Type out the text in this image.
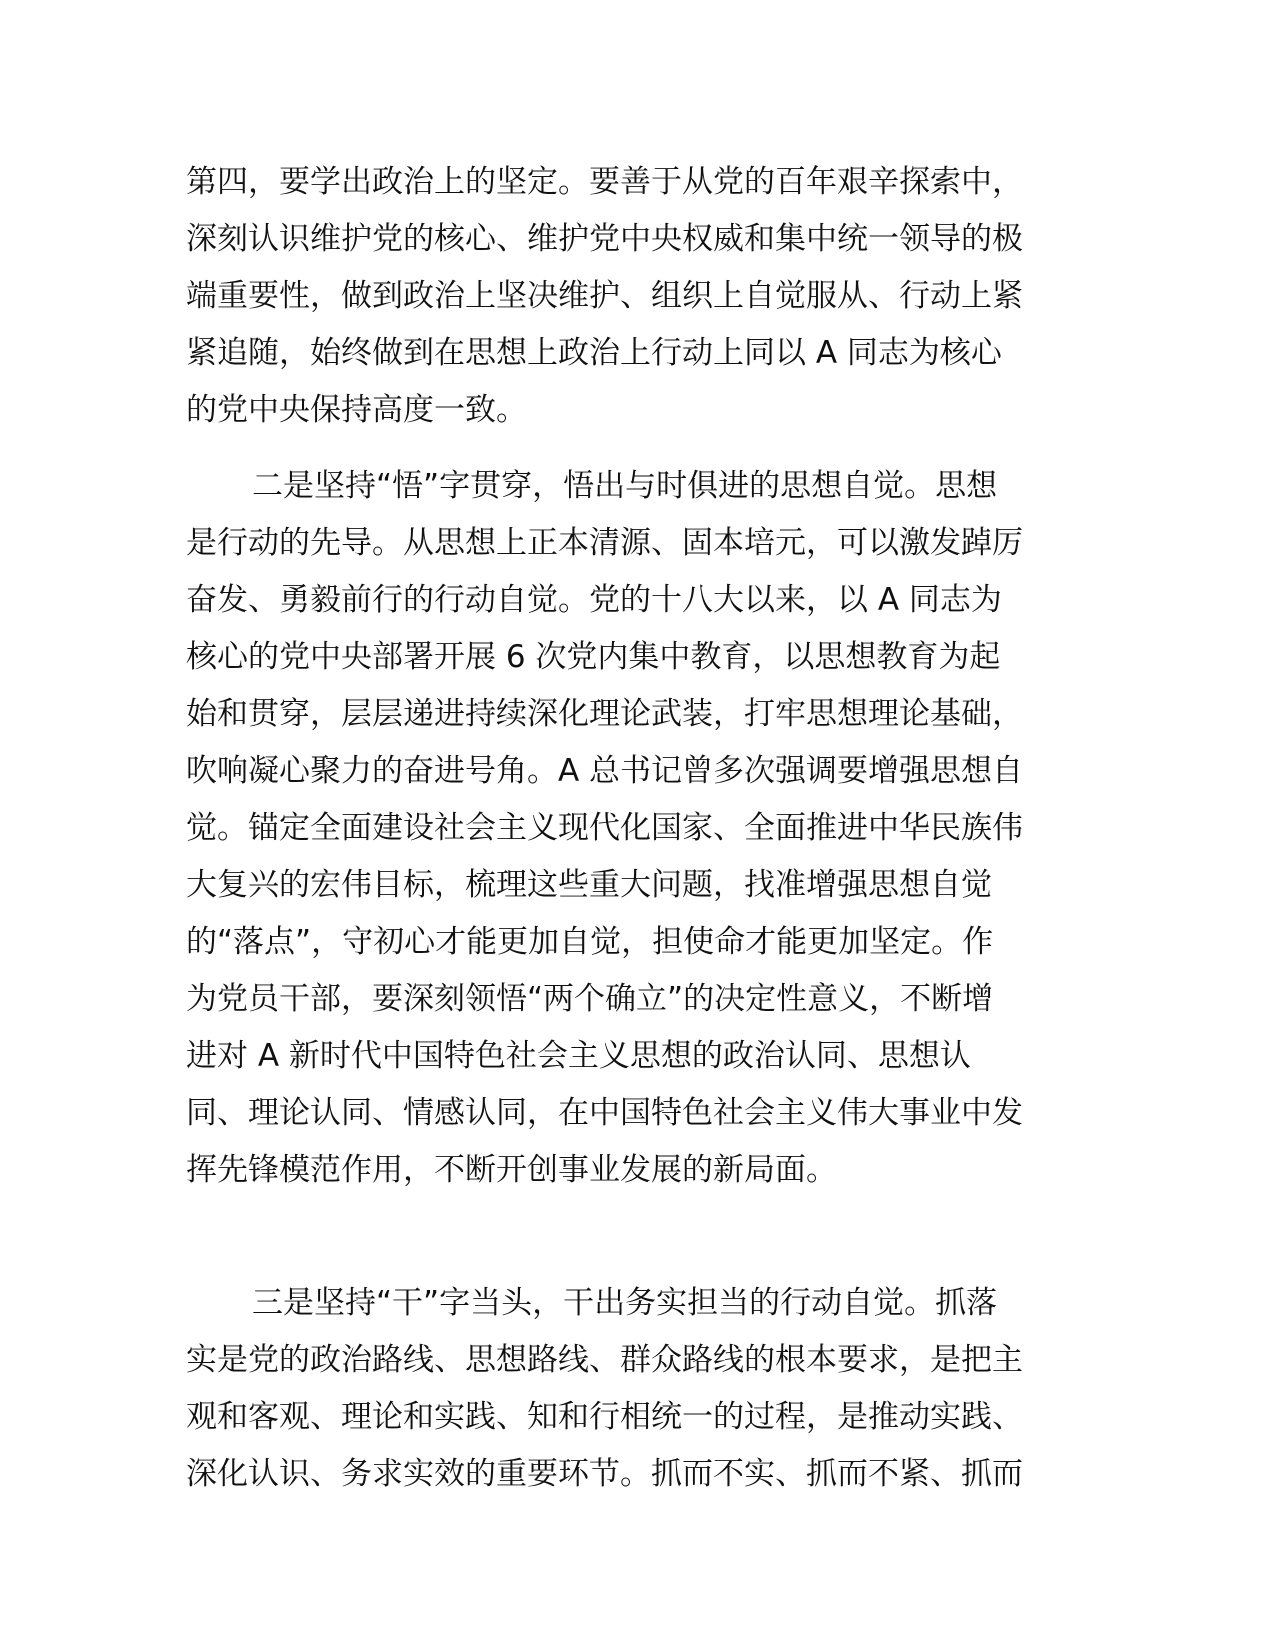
第四，要学出政治上的坚定。要善于从党的百年艰辛探索中，
深刻认识维护党的核心、维护党中央权威和集中统一领导的极
端重要性，做到政治上坚决维护、组织上自觉服从、行动上紧
紧追随，始终做到在思想上政治上行动上同以 A 同志为核心
的党中央保持高度一致。
二是坚持“悟”字贯穿，悟出与时俱进的思想自觉。思想
是行动的先导。从思想上正本清源、固本培元，可以激发踔厉
奋发、勇毅前行的行动自觉。党的十八大以来，以 A 同志为
核心的党中央部署开展 6 次党内集中教育，以思想教育为起
始和贯穿，层层递进持续深化理论武装，打牢思想理论基础，
吹响凝心聚力的奋进号角。A 总书记曾多次强调要增强思想自
觉。锚定全面建设社会主义现代化国家、全面推进中华民族伟
大复兴的宏伟目标，梳理这些重大问题，找准增强思想自觉
的“落点”，守初心才能更加自觉，担使命才能更加坚定。作
为党员干部，要深刻领悟“两个确立”的决定性意义，不断增
进对 A 新时代中国特色社会主义思想的政治认同、思想认
同、理论认同、情感认同，在中国特色社会主义伟大事业中发
挥先锋模范作用，不断开创事业发展的新局面。
三是坚持“干”字当头，干出务实担当的行动自觉。抓落
实是党的政治路线、思想路线、群众路线的根本要求，是把主
观和客观、理论和实践、知和行相统一的过程，是推动实践、
深化认识、务求实效的重要环节。抓而不实、抓而不紧、抓而
